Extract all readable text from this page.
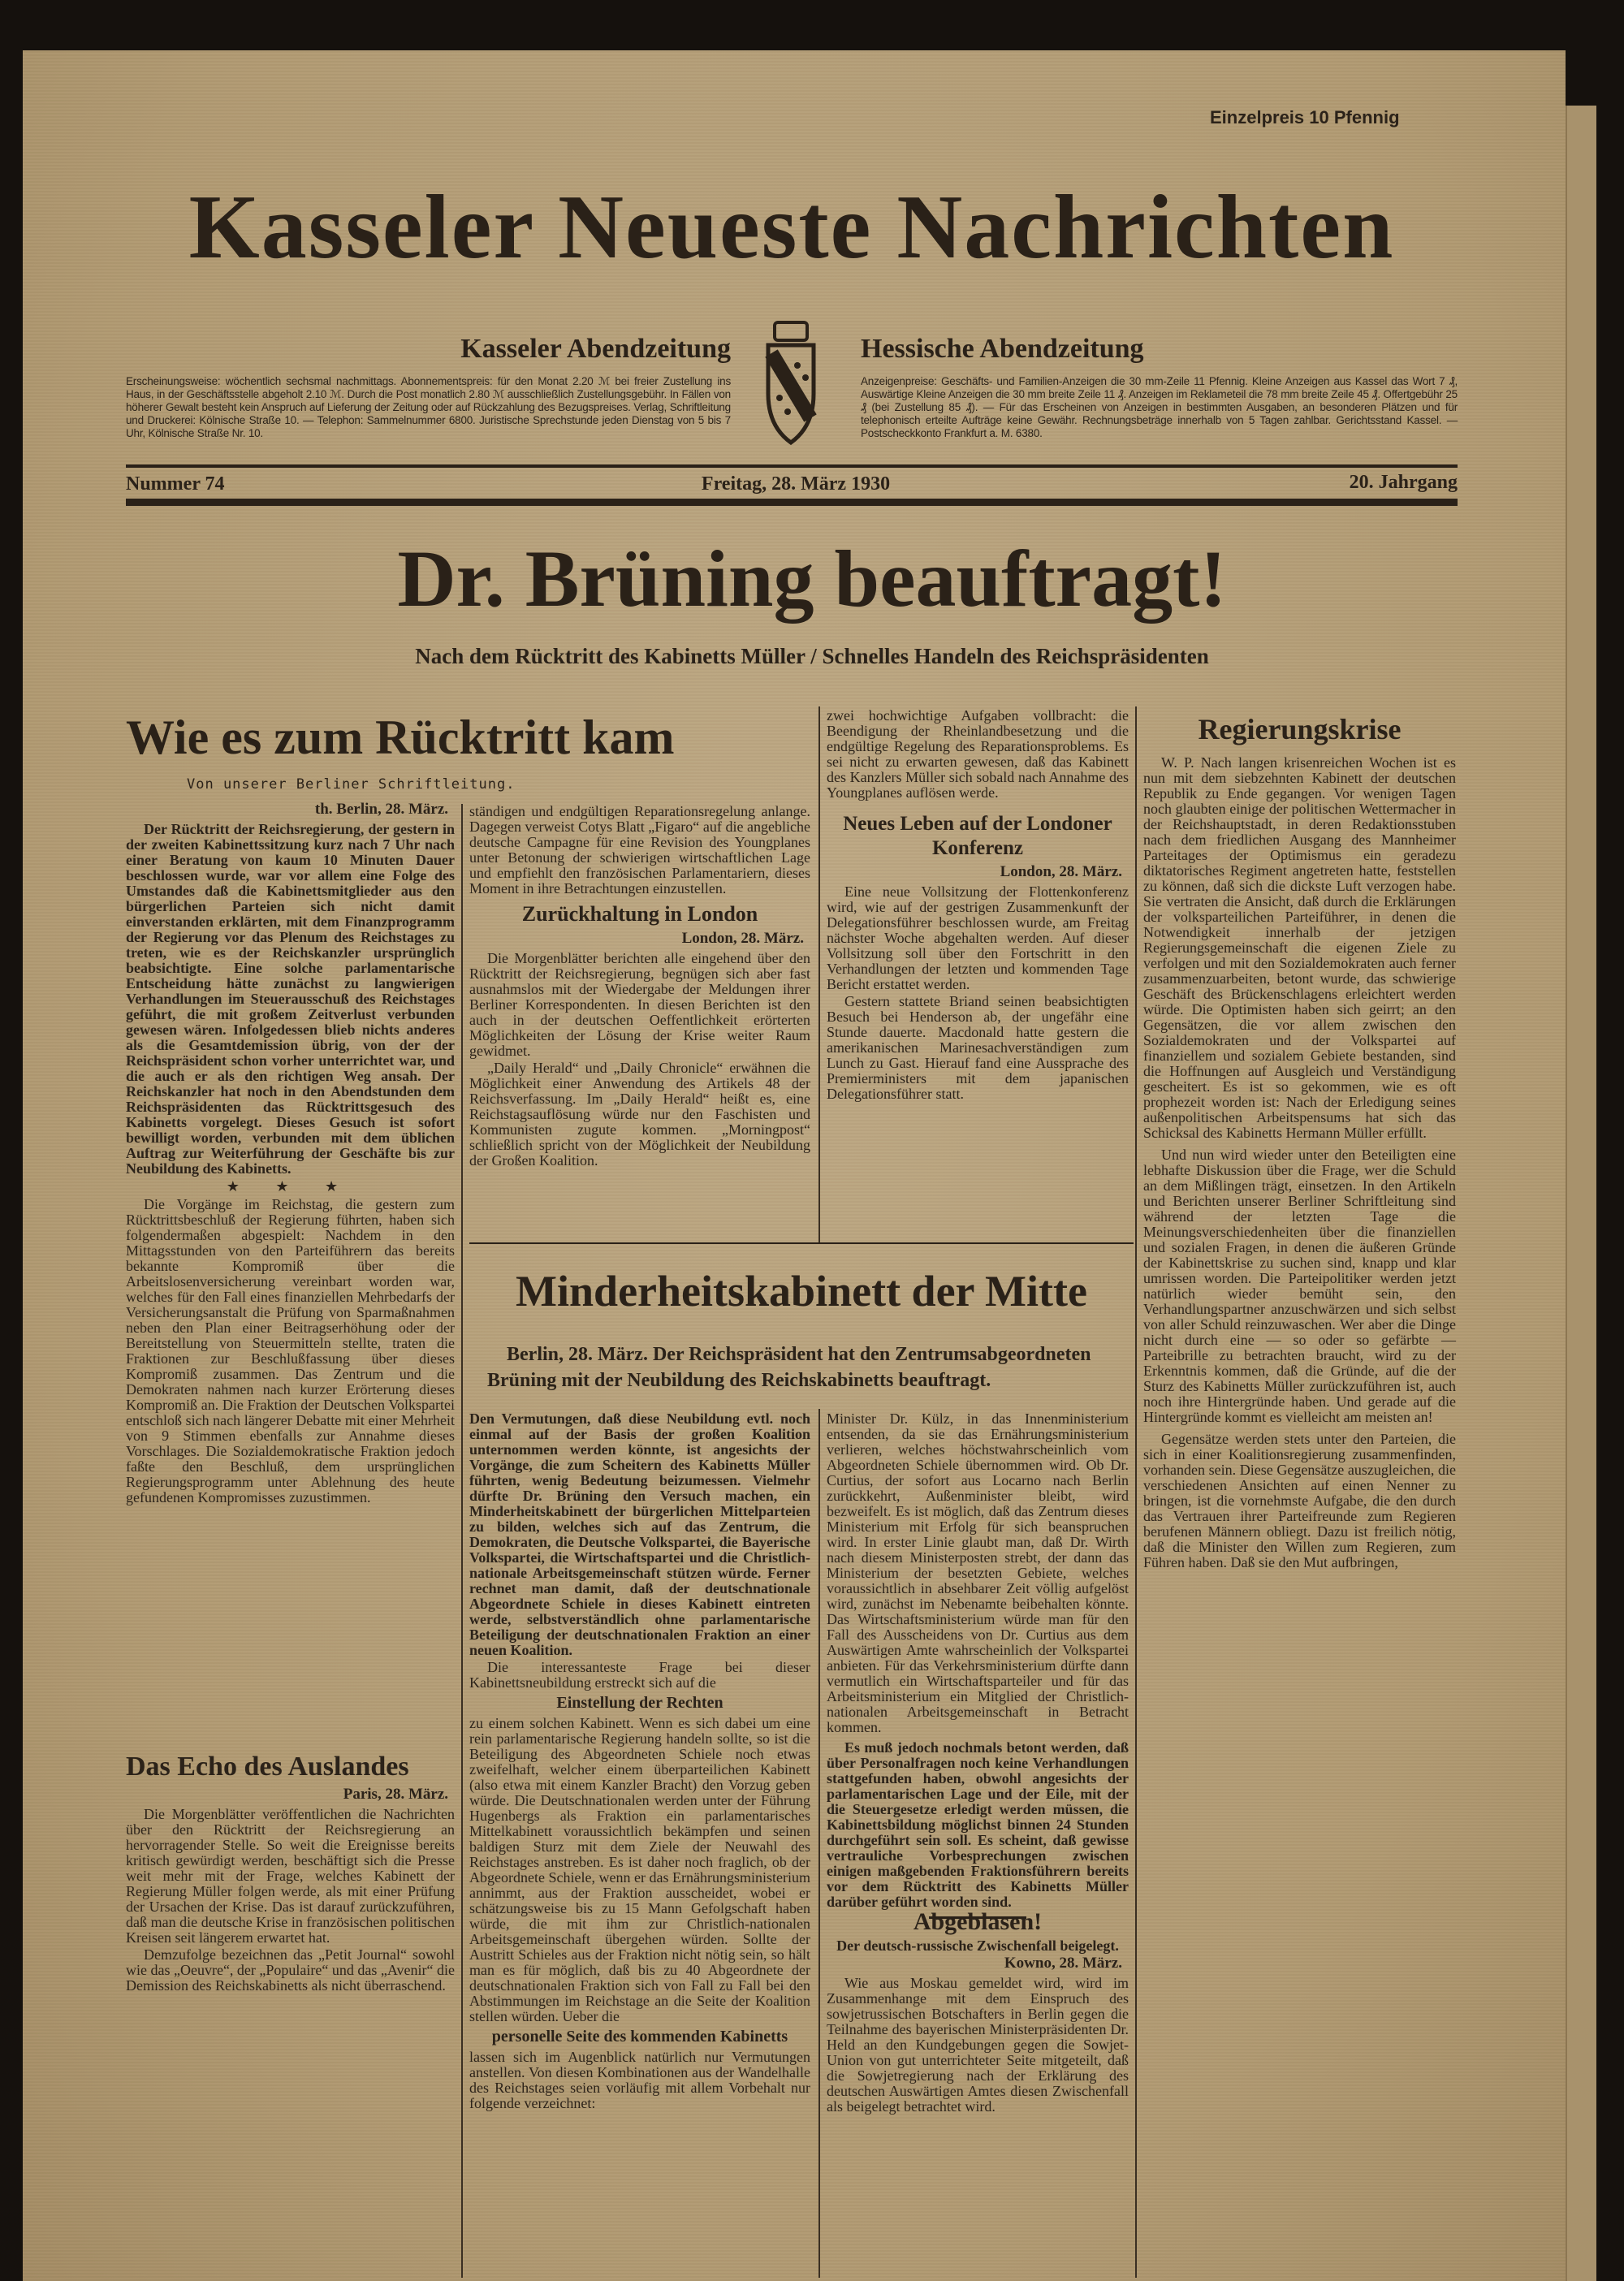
Einzelpreis 10 Pfennig
Kasseler Neueste Nachrichten
Kasseler Abendzeitung	Hessische Abendzeitung
Erscheinungsweise: wöchentlich sechsmal nachmittags. Abonnementspreis: für den Monat 2.20 ℳ bei freier Zustellung ins Haus, in der Geschäftsstelle abgeholt 2.10 ℳ. Durch die Post monatlich 2.80 ℳ ausschließlich Zustellungsgebühr. In Fällen von höherer Gewalt besteht kein Anspruch auf Lieferung der Zeitung oder auf Rückzahlung des Bezugspreises. Verlag, Schriftleitung und Druckerei: Kölnische Straße 10. — Telephon: Sammelnummer 6800. Juristische Sprechstunde jeden Dienstag von 5 bis 7 Uhr, Kölnische Straße Nr. 10.
Anzeigenpreise: Geschäfts- und Familien-Anzeigen die 30 mm-Zeile 11 Pfennig. Kleine Anzeigen aus Kassel das Wort 7 ₰, Auswärtige Kleine Anzeigen die 30 mm breite Zeile 11 ₰. Anzeigen im Reklameteil die 78 mm breite Zeile 45 ₰. Offertgebühr 25 ₰ (bei Zustellung 85 ₰). — Für das Erscheinen von Anzeigen in bestimmten Ausgaben, an besonderen Plätzen und für telephonisch erteilte Aufträge keine Gewähr. Rechnungsbeträge innerhalb von 5 Tagen zahlbar. Gerichtsstand Kassel. — Postscheckkonto Frankfurt a. M. 6380.
Nummer 74	Freitag, 28. März 1930	20. Jahrgang
Dr. Brüning beauftragt!
Nach dem Rücktritt des Kabinetts Müller / Schnelles Handeln des Reichspräsidenten
Wie es zum Rücktritt kam
Von unserer Berliner Schriftleitung.
th. Berlin, 28. März.

Der Rücktritt der Reichsregierung, der gestern in der zweiten Kabinettssitzung kurz nach 7 Uhr nach einer Beratung von kaum 10 Minuten Dauer beschlossen wurde, war vor allem eine Folge des Umstandes daß die Kabinettsmitglieder aus den bürgerlichen Parteien sich nicht damit einverstanden erklärten, mit dem Finanzprogramm der Regierung vor das Plenum des Reichstages zu treten, wie es der Reichskanzler ursprünglich beabsichtigte. Eine solche parlamentarische Entscheidung hätte zunächst zu langwierigen Verhandlungen im Steuerausschuß des Reichstages geführt, die mit großem Zeitverlust verbunden gewesen wären. Infolgedessen blieb nichts anderes als die Gesamtdemission übrig, von der der Reichspräsident schon vorher unterrichtet war, und die auch er als den richtigen Weg ansah. Der Reichskanzler hat noch in den Abendstunden dem Reichspräsidenten das Rücktrittsgesuch des Kabinetts vorgelegt. Dieses Gesuch ist sofort bewilligt worden, verbunden mit dem üblichen Auftrag zur Weiterführung der Geschäfte bis zur Neubildung des Kabinetts.

★ ★ ★

Die Vorgänge im Reichstag, die gestern zum Rücktrittsbeschluß der Regierung führten, haben sich folgendermaßen abgespielt: Nachdem in den Mittagsstunden von den Parteiführern das bereits bekannte Kompromiß über die Arbeitslosenversicherung vereinbart worden war, welches für den Fall eines finanziellen Mehrbedarfs der Versicherungsanstalt die Prüfung von Sparmaßnahmen neben den Plan einer Beitragserhöhung oder der Bereitstellung von Steuermitteln stellte, traten die Fraktionen zur Beschlußfassung über dieses Kompromiß zusammen. Das Zentrum und die Demokraten nahmen nach kurzer Erörterung dieses Kompromiß an. Die Fraktion der Deutschen Volkspartei entschloß sich nach längerer Debatte mit einer Mehrheit von 9 Stimmen ebenfalls zur Annahme dieses Vorschlages. Die Sozialdemokratische Fraktion jedoch faßte den Beschluß, dem ursprünglichen Regierungsprogramm unter Ablehnung des heute gefundenen Kompromisses zuzustimmen.

Das Echo des Auslandes
Paris, 28. März.

Die Morgenblätter veröffentlichen die Nachrichten über den Rücktritt der Reichsregierung an hervorragender Stelle. So weit die Ereignisse bereits kritisch gewürdigt werden, beschäftigt sich die Presse weit mehr mit der Frage, welches Kabinett der Regierung Müller folgen werde, als mit einer Prüfung der Ursachen der Krise. Das ist darauf zurückzuführen, daß man die deutsche Krise in französischen politischen Kreisen seit längerem erwartet hat.

Demzufolge bezeichnen das „Petit Journal“ sowohl wie das „Oeuvre“, der „Populaire“ und das „Avenir“ die Demission des Reichskabinetts als nicht überraschend.

ständigen und endgültigen Reparationsregelung anlange. Dagegen verweist Cotys Blatt „Figaro“ auf die angebliche deutsche Campagne für eine Revision des Youngplanes unter Betonung der schwierigen wirtschaftlichen Lage und empfiehlt den französischen Parlamentariern, dieses Moment in ihre Betrachtungen einzustellen.

Zurückhaltung in London
London, 28. März.

Die Morgenblätter berichten alle eingehend über den Rücktritt der Reichsregierung, begnügen sich aber fast ausnahmslos mit der Wiedergabe der Meldungen ihrer Berliner Korrespondenten. In diesen Berichten ist den auch in der deutschen Oeffentlichkeit erörterten Möglichkeiten der Lösung der Krise weiter Raum gewidmet.

„Daily Herald“ und „Daily Chronicle“ erwähnen die Möglichkeit einer Anwendung des Artikels 48 der Reichsverfassung. Im „Daily Herald“ heißt es, eine Reichstagsauflösung würde nur den Faschisten und Kommunisten zugute kommen. „Morningpost“ schließlich spricht von der Möglichkeit der Neubildung der Großen Koalition.

zwei hochwichtige Aufgaben vollbracht: die Beendigung der Rheinlandbesetzung und die endgültige Regelung des Reparationsproblems. Es sei nicht zu erwarten gewesen, daß das Kabinett des Kanzlers Müller sich sobald nach Annahme des Youngplanes auflösen werde.

Neues Leben auf der Londoner Konferenz
London, 28. März.

Eine neue Vollsitzung der Flottenkonferenz wird, wie auf der gestrigen Zusammenkunft der Delegationsführer beschlossen wurde, am Freitag nächster Woche abgehalten werden. Auf dieser Vollsitzung soll über den Fortschritt in den Verhandlungen der letzten und kommenden Tage Bericht erstattet werden.

Gestern stattete Briand seinen beabsichtigten Besuch bei Henderson ab, der ungefähr eine Stunde dauerte. Macdonald hatte gestern die amerikanischen Marinesachverständigen zum Lunch zu Gast. Hierauf fand eine Aussprache des Premierministers mit dem japanischen Delegationsführer statt.

Minderheitskabinett der Mitte
Berlin, 28. März. Der Reichspräsident hat den Zentrumsabgeordneten Brüning mit der Neubildung des Reichskabinetts beauftragt.

Den Vermutungen, daß diese Neubildung evtl. noch einmal auf der Basis der großen Koalition unternommen werden könnte, ist angesichts der Vorgänge, die zum Scheitern des Kabinetts Müller führten, wenig Bedeutung beizumessen. Vielmehr dürfte Dr. Brüning den Versuch machen, ein Minderheitskabinett der bürgerlichen Mittelparteien zu bilden, welches sich auf das Zentrum, die Demokraten, die Deutsche Volkspartei, die Bayerische Volkspartei, die Wirtschaftspartei und die Christlich-nationale Arbeitsgemeinschaft stützen würde. Ferner rechnet man damit, daß der deutschnationale Abgeordnete Schiele in dieses Kabinett eintreten werde, selbstverständlich ohne parlamentarische Beteiligung der deutschnationalen Fraktion an einer neuen Koalition.

Die interessanteste Frage bei dieser Kabinettsneubildung erstreckt sich auf die

Einstellung der Rechten

zu einem solchen Kabinett. Wenn es sich dabei um eine rein parlamentarische Regierung handeln sollte, so ist die Beteiligung des Abgeordneten Schiele noch etwas zweifelhaft, welcher einem überparteilichen Kabinett (also etwa mit einem Kanzler Bracht) den Vorzug geben würde. Die Deutschnationalen werden unter der Führung Hugenbergs als Fraktion ein parlamentarisches Mittelkabinett voraussichtlich bekämpfen und seinen baldigen Sturz mit dem Ziele der Neuwahl des Reichstages anstreben. Es ist daher noch fraglich, ob der Abgeordnete Schiele, wenn er das Ernährungsministerium annimmt, aus der Fraktion ausscheidet, wobei er schätzungsweise bis zu 15 Mann Gefolgschaft haben würde, die mit ihm zur Christlich-nationalen Arbeitsgemeinschaft übergehen würden. Sollte der Austritt Schieles aus der Fraktion nicht nötig sein, so hält man es für möglich, daß bis zu 40 Abgeordnete der deutschnationalen Fraktion sich von Fall zu Fall bei den Abstimmungen im Reichstage an die Seite der Koalition stellen würden. Ueber die

personelle Seite des kommenden Kabinetts

lassen sich im Augenblick natürlich nur Vermutungen anstellen. Von diesen Kombinationen aus der Wandelhalle des Reichstages seien vorläufig mit allem Vorbehalt nur folgende verzeichnet:

Minister Dr. Külz, in das Innenministerium entsenden, da sie das Ernährungsministerium verlieren, welches höchstwahrscheinlich vom Abgeordneten Schiele übernommen wird. Ob Dr. Curtius, der sofort aus Locarno nach Berlin zurückkehrt, Außenminister bleibt, wird bezweifelt. Es ist möglich, daß das Zentrum dieses Ministerium mit Erfolg für sich beanspruchen wird. In erster Linie glaubt man, daß Dr. Wirth nach diesem Ministerposten strebt, der dann das Ministerium der besetzten Gebiete, welches voraussichtlich in absehbarer Zeit völlig aufgelöst wird, zunächst im Nebenamte beibehalten könnte. Das Wirtschaftsministerium würde man für den Fall des Ausscheidens von Dr. Curtius aus dem Auswärtigen Amte wahrscheinlich der Volkspartei anbieten. Für das Verkehrsministerium dürfte dann vermutlich ein Wirtschaftsparteiler und für das Arbeitsministerium ein Mitglied der Christlich-nationalen Arbeitsgemeinschaft in Betracht kommen.

Es muß jedoch nochmals betont werden, daß über Personalfragen noch keine Verhandlungen stattgefunden haben, obwohl angesichts der parlamentarischen Lage und der Eile, mit der die Steuergesetze erledigt werden müssen, die Kabinettsbildung möglichst binnen 24 Stunden durchgeführt sein soll. Es scheint, daß gewisse vertrauliche Vorbesprechungen zwischen einigen maßgebenden Fraktionsführern bereits vor dem Rücktritt des Kabinetts Müller darüber geführt worden sind.

Abgeblasen!
Der deutsch-russische Zwischenfall beigelegt.
Kowno, 28. März.

Wie aus Moskau gemeldet wird, wird im Zusammenhange mit dem Einspruch des sowjetrussischen Botschafters in Berlin gegen die Teilnahme des bayerischen Ministerpräsidenten Dr. Held an den Kundgebungen gegen die Sowjet-Union von gut unterrichteter Seite mitgeteilt, daß die Sowjetregierung nach der Erklärung des deutschen Auswärtigen Amtes diesen Zwischenfall als beigelegt betrachtet wird.

Regierungskrise

W. P. Nach langen krisenreichen Wochen ist es nun mit dem siebzehnten Kabinett der deutschen Republik zu Ende gegangen. Vor wenigen Tagen noch glaubten einige der politischen Wettermacher in der Reichshauptstadt, in deren Redaktionsstuben nach dem friedlichen Ausgang des Mannheimer Parteitages der Optimismus ein geradezu diktatorisches Regiment angetreten hatte, feststellen zu können, daß sich die dickste Luft verzogen habe. Sie vertraten die Ansicht, daß durch die Erklärungen der volksparteilichen Parteiführer, in denen die Notwendigkeit innerhalb der jetzigen Regierungsgemeinschaft die eigenen Ziele zu verfolgen und mit den Sozialdemokraten auch ferner zusammenzuarbeiten, betont wurde, das schwierige Geschäft des Brückenschlagens erleichtert werden würde. Die Optimisten haben sich geirrt; an den Gegensätzen, die vor allem zwischen den Sozialdemokraten und der Volkspartei auf finanziellem und sozialem Gebiete bestanden, sind die Hoffnungen auf Ausgleich und Verständigung gescheitert. Es ist so gekommen, wie es oft prophezeit worden ist: Nach der Erledigung seines außenpolitischen Arbeitspensums hat sich das Schicksal des Kabinetts Hermann Müller erfüllt.

Und nun wird wieder unter den Beteiligten eine lebhafte Diskussion über die Frage, wer die Schuld an dem Mißlingen trägt, einsetzen. In den Artikeln und Berichten unserer Berliner Schriftleitung sind während der letzten Tage die Meinungsverschiedenheiten über die finanziellen und sozialen Fragen, in denen die äußeren Gründe der Kabinettskrise zu suchen sind, knapp und klar umrissen worden. Die Parteipolitiker werden jetzt natürlich wieder bemüht sein, den Verhandlungspartner anzuschwärzen und sich selbst von aller Schuld reinzuwaschen. Wer aber die Dinge nicht durch eine — so oder so gefärbte — Parteibrille zu betrachten braucht, wird zu der Erkenntnis kommen, daß die Gründe, auf die der Sturz des Kabinetts Müller zurückzuführen ist, auch noch ihre Hintergründe haben. Und gerade auf die Hintergründe kommt es vielleicht am meisten an!

Gegensätze werden stets unter den Parteien, die sich in einer Koalitionsregierung zusammenfinden, vorhanden sein. Diese Gegensätze auszugleichen, die verschiedenen Ansichten auf einen Nenner zu bringen, ist die vornehmste Aufgabe, die den durch das Vertrauen ihrer Parteifreunde zum Regieren berufenen Männern obliegt. Dazu ist freilich nötig, daß die Minister den Willen zum Regieren, zum Führen haben. Daß sie den Mut aufbringen,
